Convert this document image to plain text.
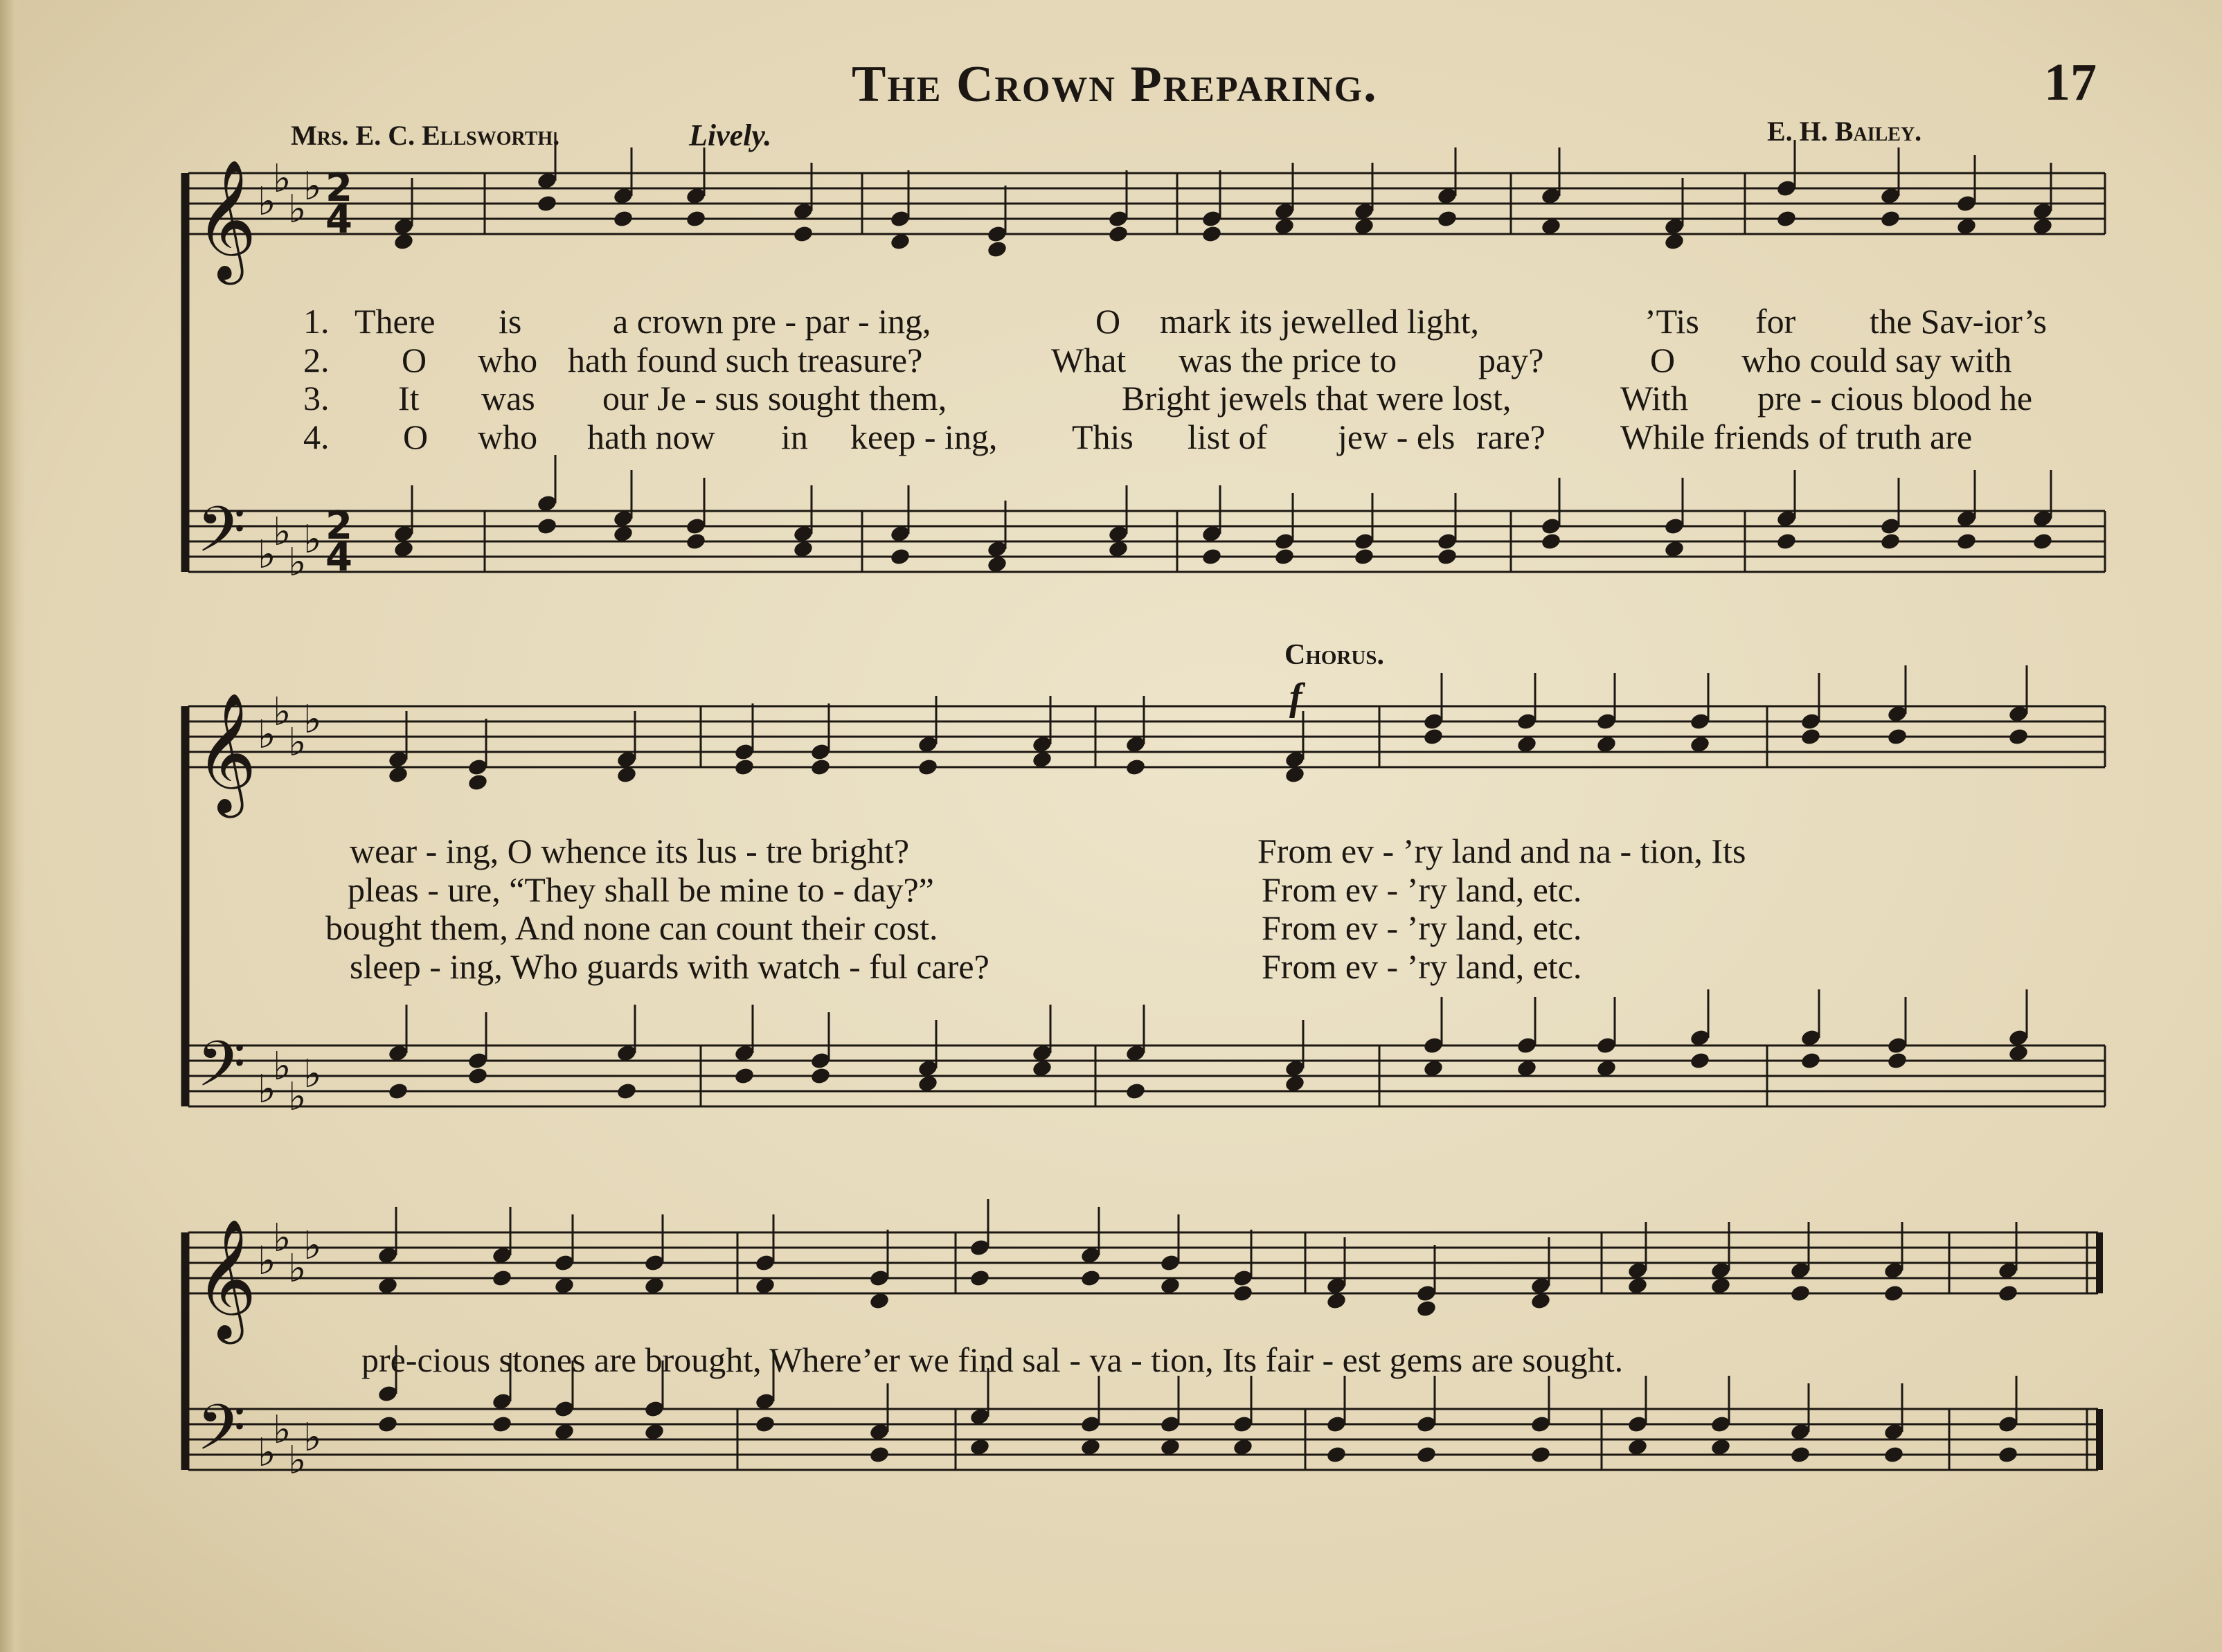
The Crown Preparing.	17
Mrs. E. C. Ellsworth.	Lively.	E. H. Bailey.
Chorus.
f
𝄞
𝄢
♭
♭
♭
♭
♭
♭
♭
♭
2
4
2
4
𝄞
𝄢
♭
♭
♭
♭
♭
♭
♭
♭
𝄞
𝄢
♭
♭
♭
♭
♭
♭
♭
♭
1.
2.
3.
4.
There is	a crown pre - par - ing,	O mark its jewelled light,	’Tis for the Sav-ior’s
O who hath found such treasure?	What was the price to pay?	O who could say with
It was our Je - sus sought them,	Bright jewels that were lost,	With pre - cious blood he
O who hath now in keep - ing, This list of jew - els rare? While friends of truth are
wear - ing, O whence its lus - tre bright?
pleas - ure, “They shall be mine to - day?”
bought them, And none can count their cost.
sleep - ing, Who guards with watch - ful care?
From ev - ’ry land and na - tion, Its
From ev - ’ry land, etc.
From ev - ’ry land, etc.
From ev - ’ry land, etc.
pre-cious stones are brought, Where’er we find sal - va - tion, Its fair - est gems are sought.
